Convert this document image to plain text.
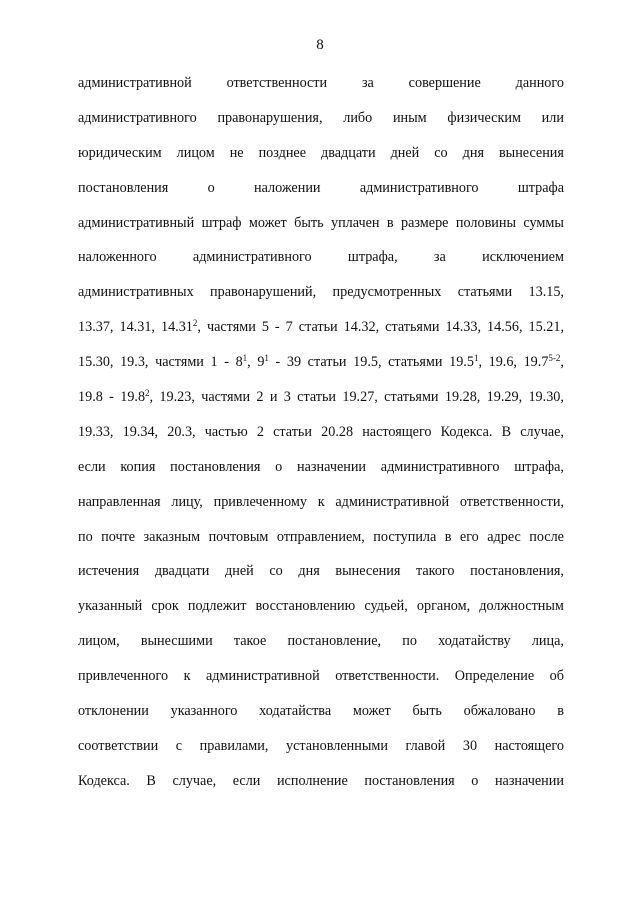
8
административной ответственности за совершение данного
административного правонарушения, либо иным физическим или
юридическим лицом не позднее двадцати дней со дня вынесения
постановления	о	наложении	административного	штрафа
административный штраф может быть уплачен в размере половины суммы
наложенного	административного	штрафа,	за	исключением
административных правонарушений, предусмотренных статьями 13.15,
13.37, 14.31, 14.31$^2$, частями 5 - 7 статьи 14.32, статьями 14.33, 14.56, 15.21,
15.30, 19.3, частями $1 - 8^1$, $9^1 - 39$ статьи 19.5, статьями 19.5$^1$, 19.6, 19.7$^{5-2}$,
19.8 - 19.8$^2$, 19.23, частями 2 и 3 статьи 19.27, статьями 19.28, 19.29, 19.30,
19.33, 19.34, 20.3, частью 2 статьи 20.28 настоящего Кодекса. В случае,
если копия постановления о назначении административного штрафа,
направленная лицу, привлеченному к административной ответственности,
по почте заказным почтовым отправлением, поступила в его адрес после
истечения двадцати дней со дня вынесения такого постановления,
указанный срок подлежит восстановлению судьей, органом, должностным
лицом, вынесшими такое постановление, по ходатайству лица,
привлеченного к административной ответственности. Определение об
отклонении указанного ходатайства может быть обжаловано в
соответствии с правилами, установленными главой 30 настоящего
Кодекса. В случае, если исполнение постановления о назначении
